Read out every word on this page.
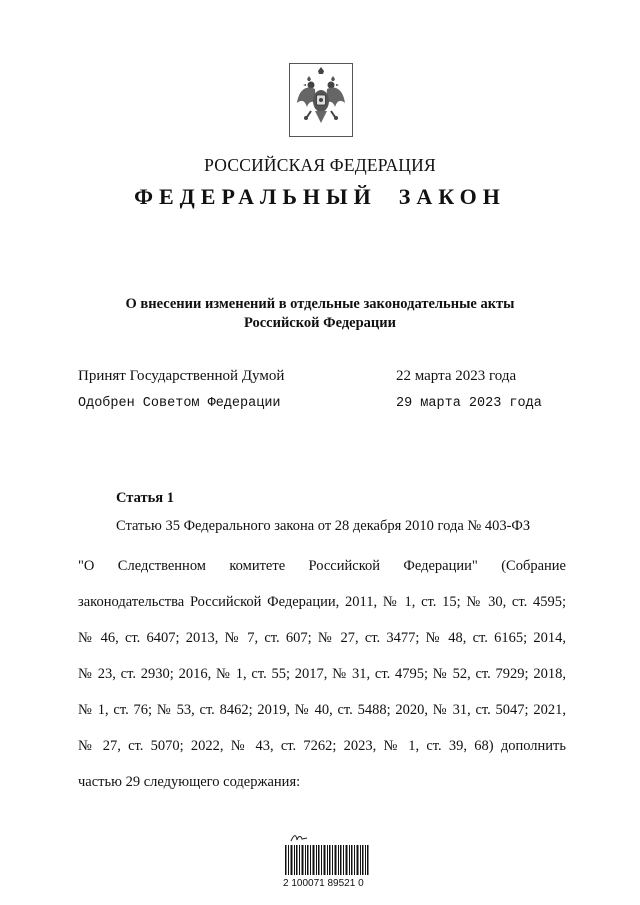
РОССИЙСКАЯ ФЕДЕРАЦИЯ
ФЕДЕРАЛЬНЫЙ ЗАКОН
О внесении изменений в отдельные законодательные акты
Российской Федерации
Принят Государственной Думой	22 марта 2023 года
Одобрен Советом Федерации	29 марта 2023 года
Статья 1
Статью 35 Федерального закона от 28 декабря 2010 года № 403-ФЗ
"О Следственном комитете Российской Федерации" (Собрание
законодательства Российской Федерации, 2011, № 1, ст. 15; № 30, ст. 4595;
№ 46, ст. 6407; 2013, № 7, ст. 607; № 27, ст. 3477; № 48, ст. 6165; 2014,
№ 23, ст. 2930; 2016, № 1, ст. 55; 2017, № 31, ст. 4795; № 52, ст. 7929; 2018,
№ 1, ст. 76; № 53, ст. 8462; 2019, № 40, ст. 5488; 2020, № 31, ст. 5047; 2021,
№ 27, ст. 5070; 2022, № 43, ст. 7262; 2023, № 1, ст. 39, 68) дополнить
частью 29 следующего содержания:
2 100071 89521 0
